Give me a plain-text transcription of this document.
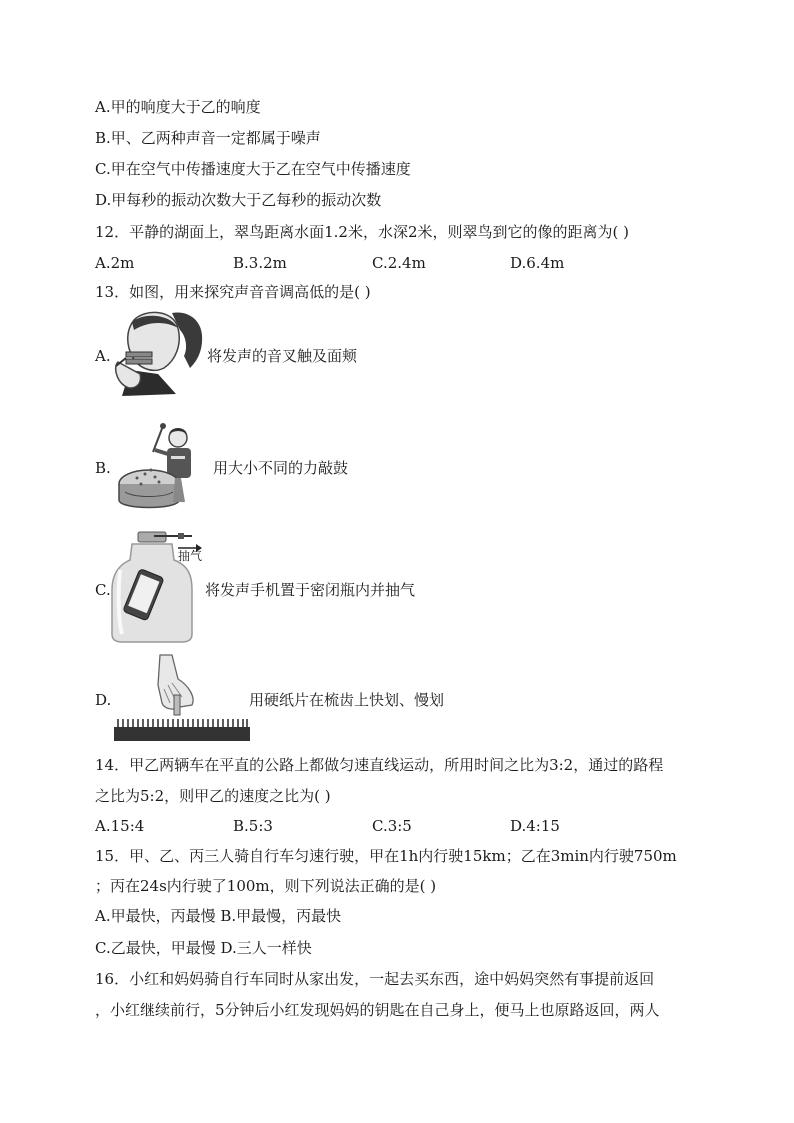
A.甲的响度大于乙的响度
B.甲、乙两种声音一定都属于噪声
C.甲在空气中传播速度大于乙在空气中传播速度
D.甲每秒的振动次数大于乙每秒的振动次数
12．平静的湖面上，翠鸟距离水面1.2米，水深2米，则翠鸟到它的像的距离为( )
A.2m	B.3.2m	C.2.4m	D.6.4m
13．如图，用来探究声音音调高低的是( )
A.	将发声的音叉触及面颊
B.	用大小不同的力敲鼓
C.
抽气
将发声手机置于密闭瓶内并抽气
D.	用硬纸片在梳齿上快划、慢划
14．甲乙两辆车在平直的公路上都做匀速直线运动，所用时间之比为3:2，通过的路程
之比为5:2，则甲乙的速度之比为( )
A.15:4	B.5:3	C.3:5	D.4:15
15．甲、乙、丙三人骑自行车匀速行驶，甲在1h内行驶15km；乙在3min内行驶750m
；丙在24s内行驶了100m，则下列说法正确的是( )
A.甲最快，丙最慢 B.甲最慢，丙最快
C.乙最快，甲最慢 D.三人一样快
16．小红和妈妈骑自行车同时从家出发，一起去买东西，途中妈妈突然有事提前返回
，小红继续前行，5分钟后小红发现妈妈的钥匙在自己身上，便马上也原路返回，两人
